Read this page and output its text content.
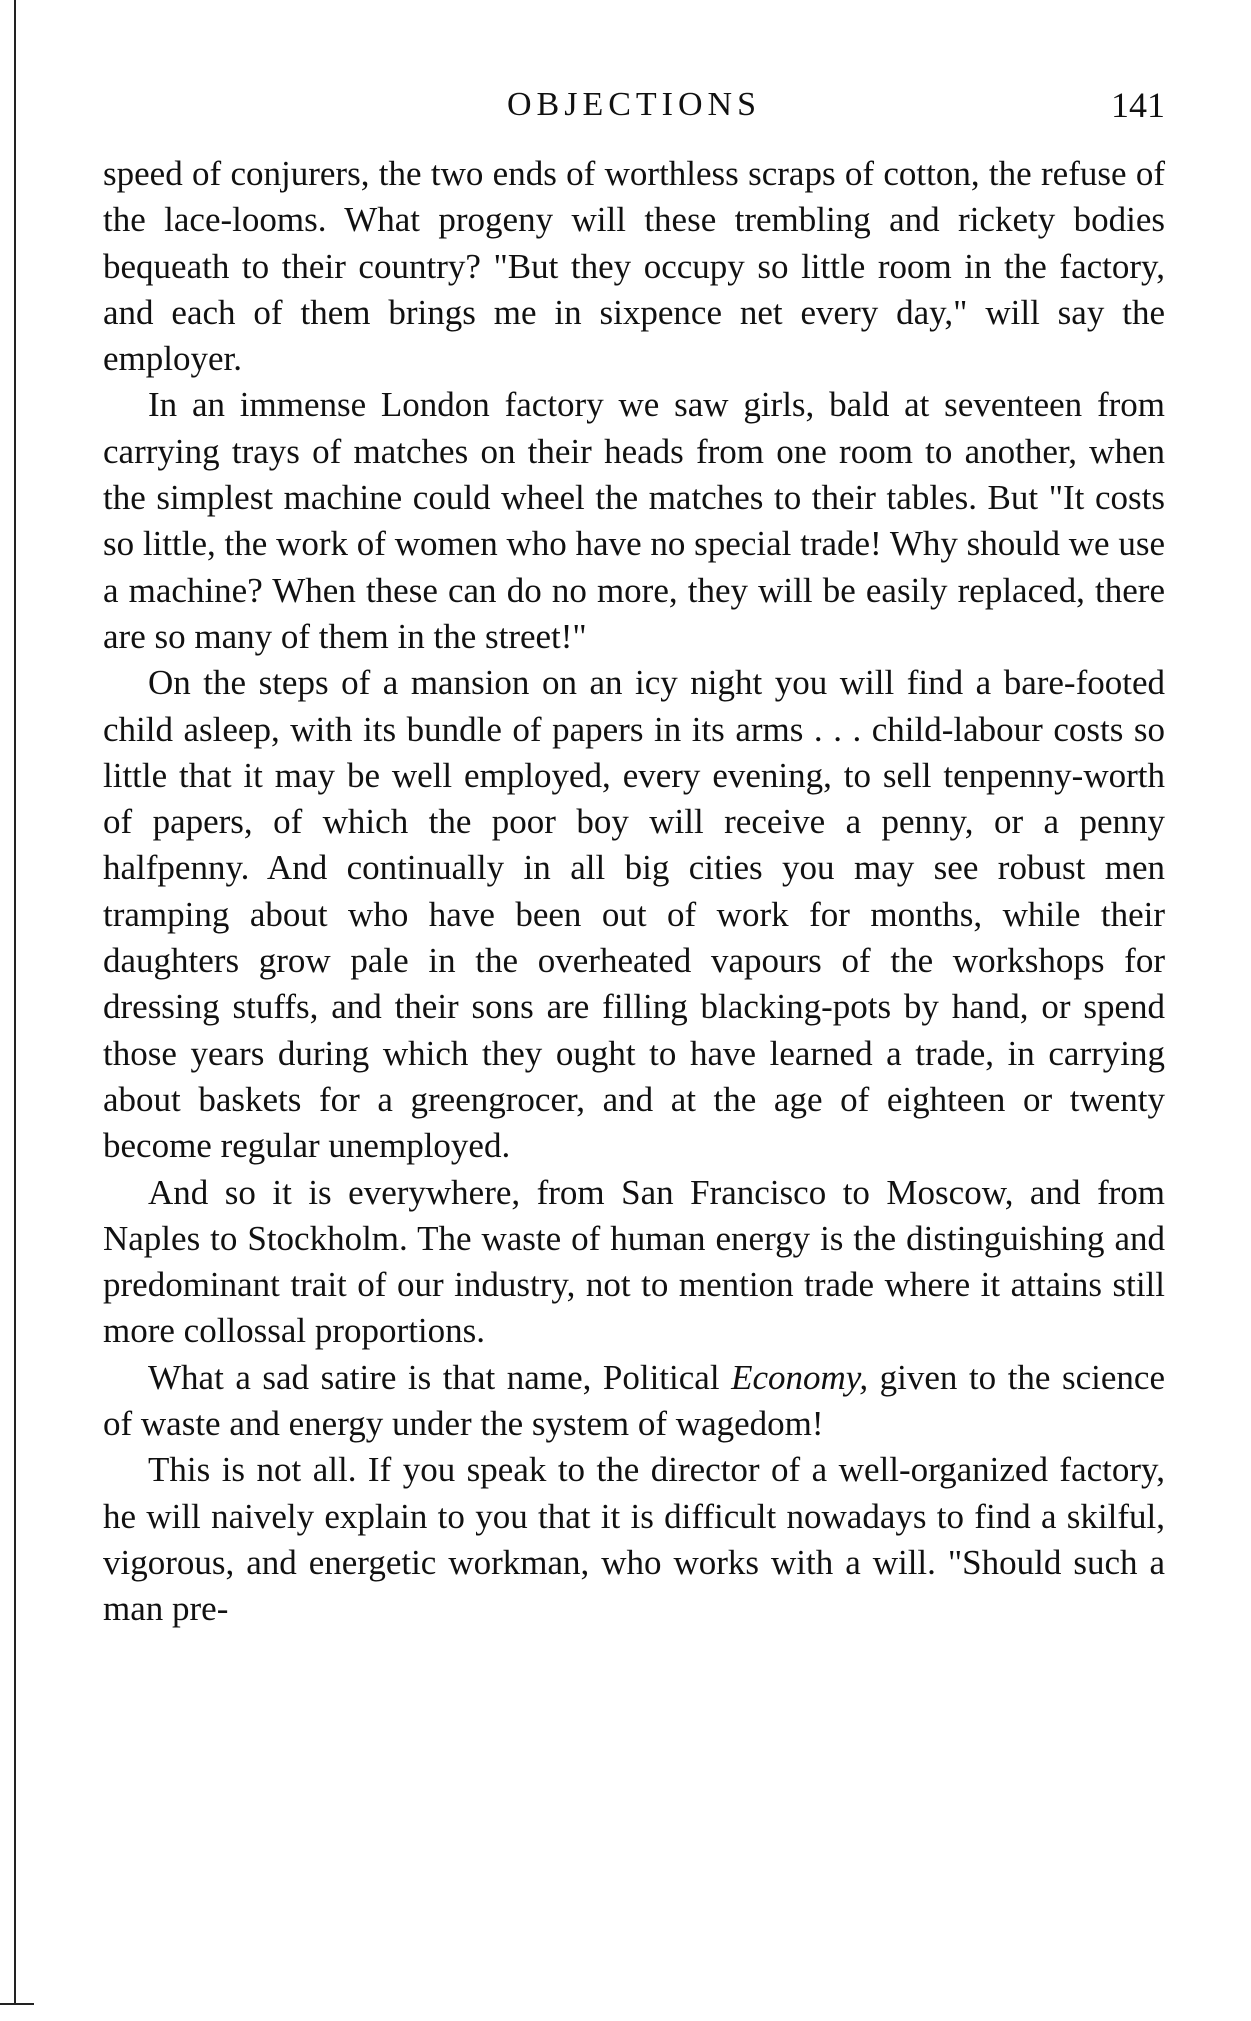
OBJECTIONS	141

speed of conjurers, the two ends of worthless scraps of cotton, the refuse of the lace-looms. What progeny will these trembling and rickety bodies bequeath to their country? "But they occupy so little room in the factory, and each of them brings me in sixpence net every day," will say the employer.

In an immense London factory we saw girls, bald at seventeen from carrying trays of matches on their heads from one room to another, when the simplest machine could wheel the matches to their tables. But "It costs so little, the work of women who have no special trade! Why should we use a machine? When these can do no more, they will be easily replaced, there are so many of them in the street!"

On the steps of a mansion on an icy night you will find a bare-footed child asleep, with its bundle of papers in its arms . . . child-labour costs so little that it may be well employed, every evening, to sell tenpenny-worth of papers, of which the poor boy will receive a penny, or a penny halfpenny. And continually in all big cities you may see robust men tramping about who have been out of work for months, while their daughters grow pale in the overheated vapours of the workshops for dressing stuffs, and their sons are filling blacking-pots by hand, or spend those years during which they ought to have learned a trade, in carrying about baskets for a greengrocer, and at the age of eighteen or twenty become regular unemployed.

And so it is everywhere, from San Francisco to Moscow, and from Naples to Stockholm. The waste of human energy is the distinguishing and predominant trait of our industry, not to mention trade where it attains still more collossal proportions.

What a sad satire is that name, Political Economy, given to the science of waste and energy under the system of wagedom!

This is not all. If you speak to the director of a well-organized factory, he will naively explain to you that it is difficult nowadays to find a skilful, vigorous, and energetic workman, who works with a will. "Should such a man pre-
